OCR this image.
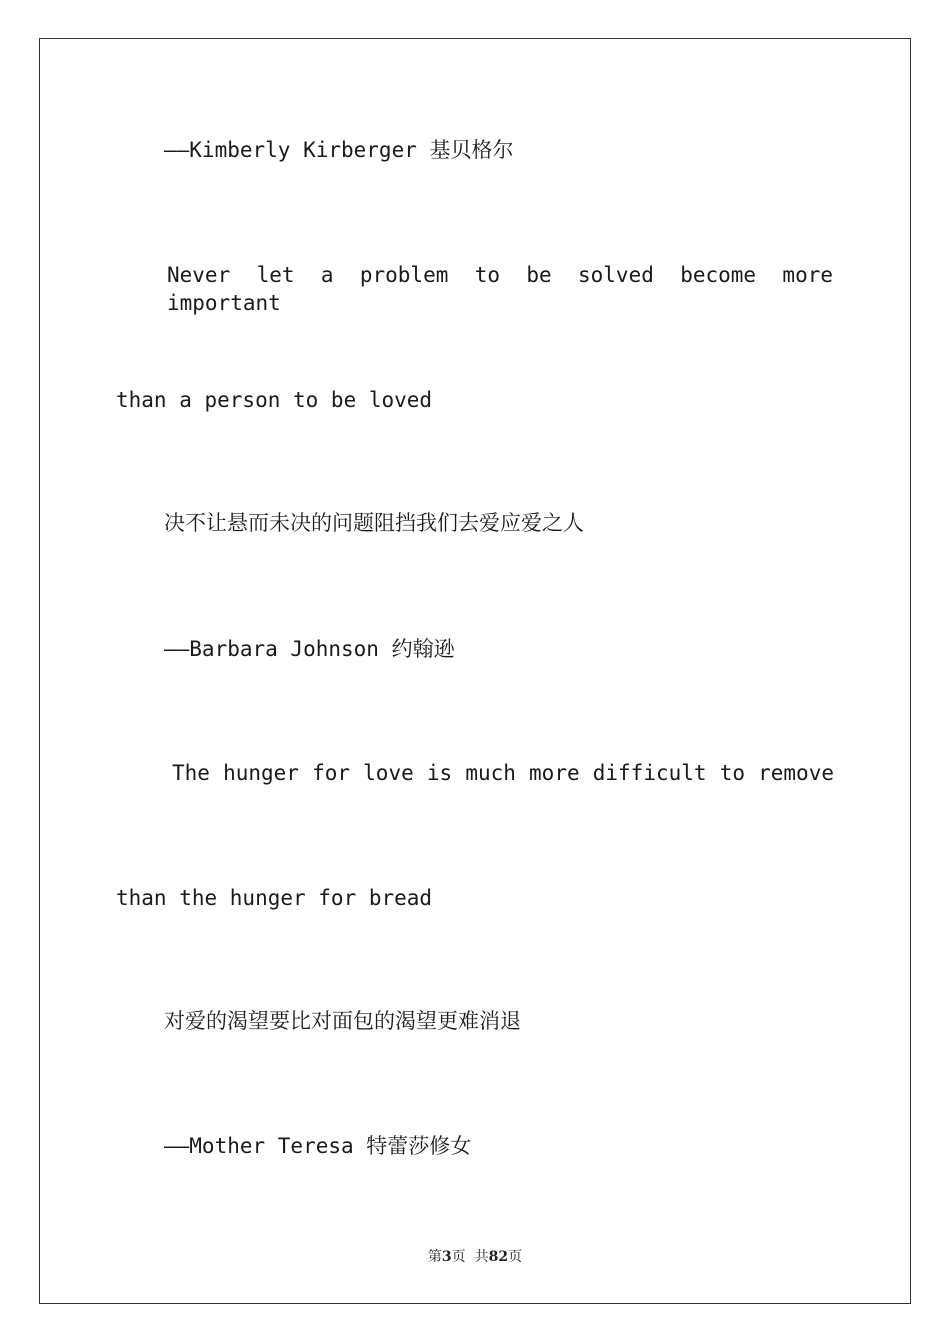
——Kimberly Kirberger 基贝格尔
Never let a problem to be solved become more important
than a person to be loved
决不让悬而未决的问题阻挡我们去爱应爱之人
——Barbara Johnson 约翰逊
The hunger for love is much more difficult to remove
than the hunger for bread
对爱的渴望要比对面包的渴望更难消退
——Mother Teresa 特蕾莎修女
第3页  共82页
